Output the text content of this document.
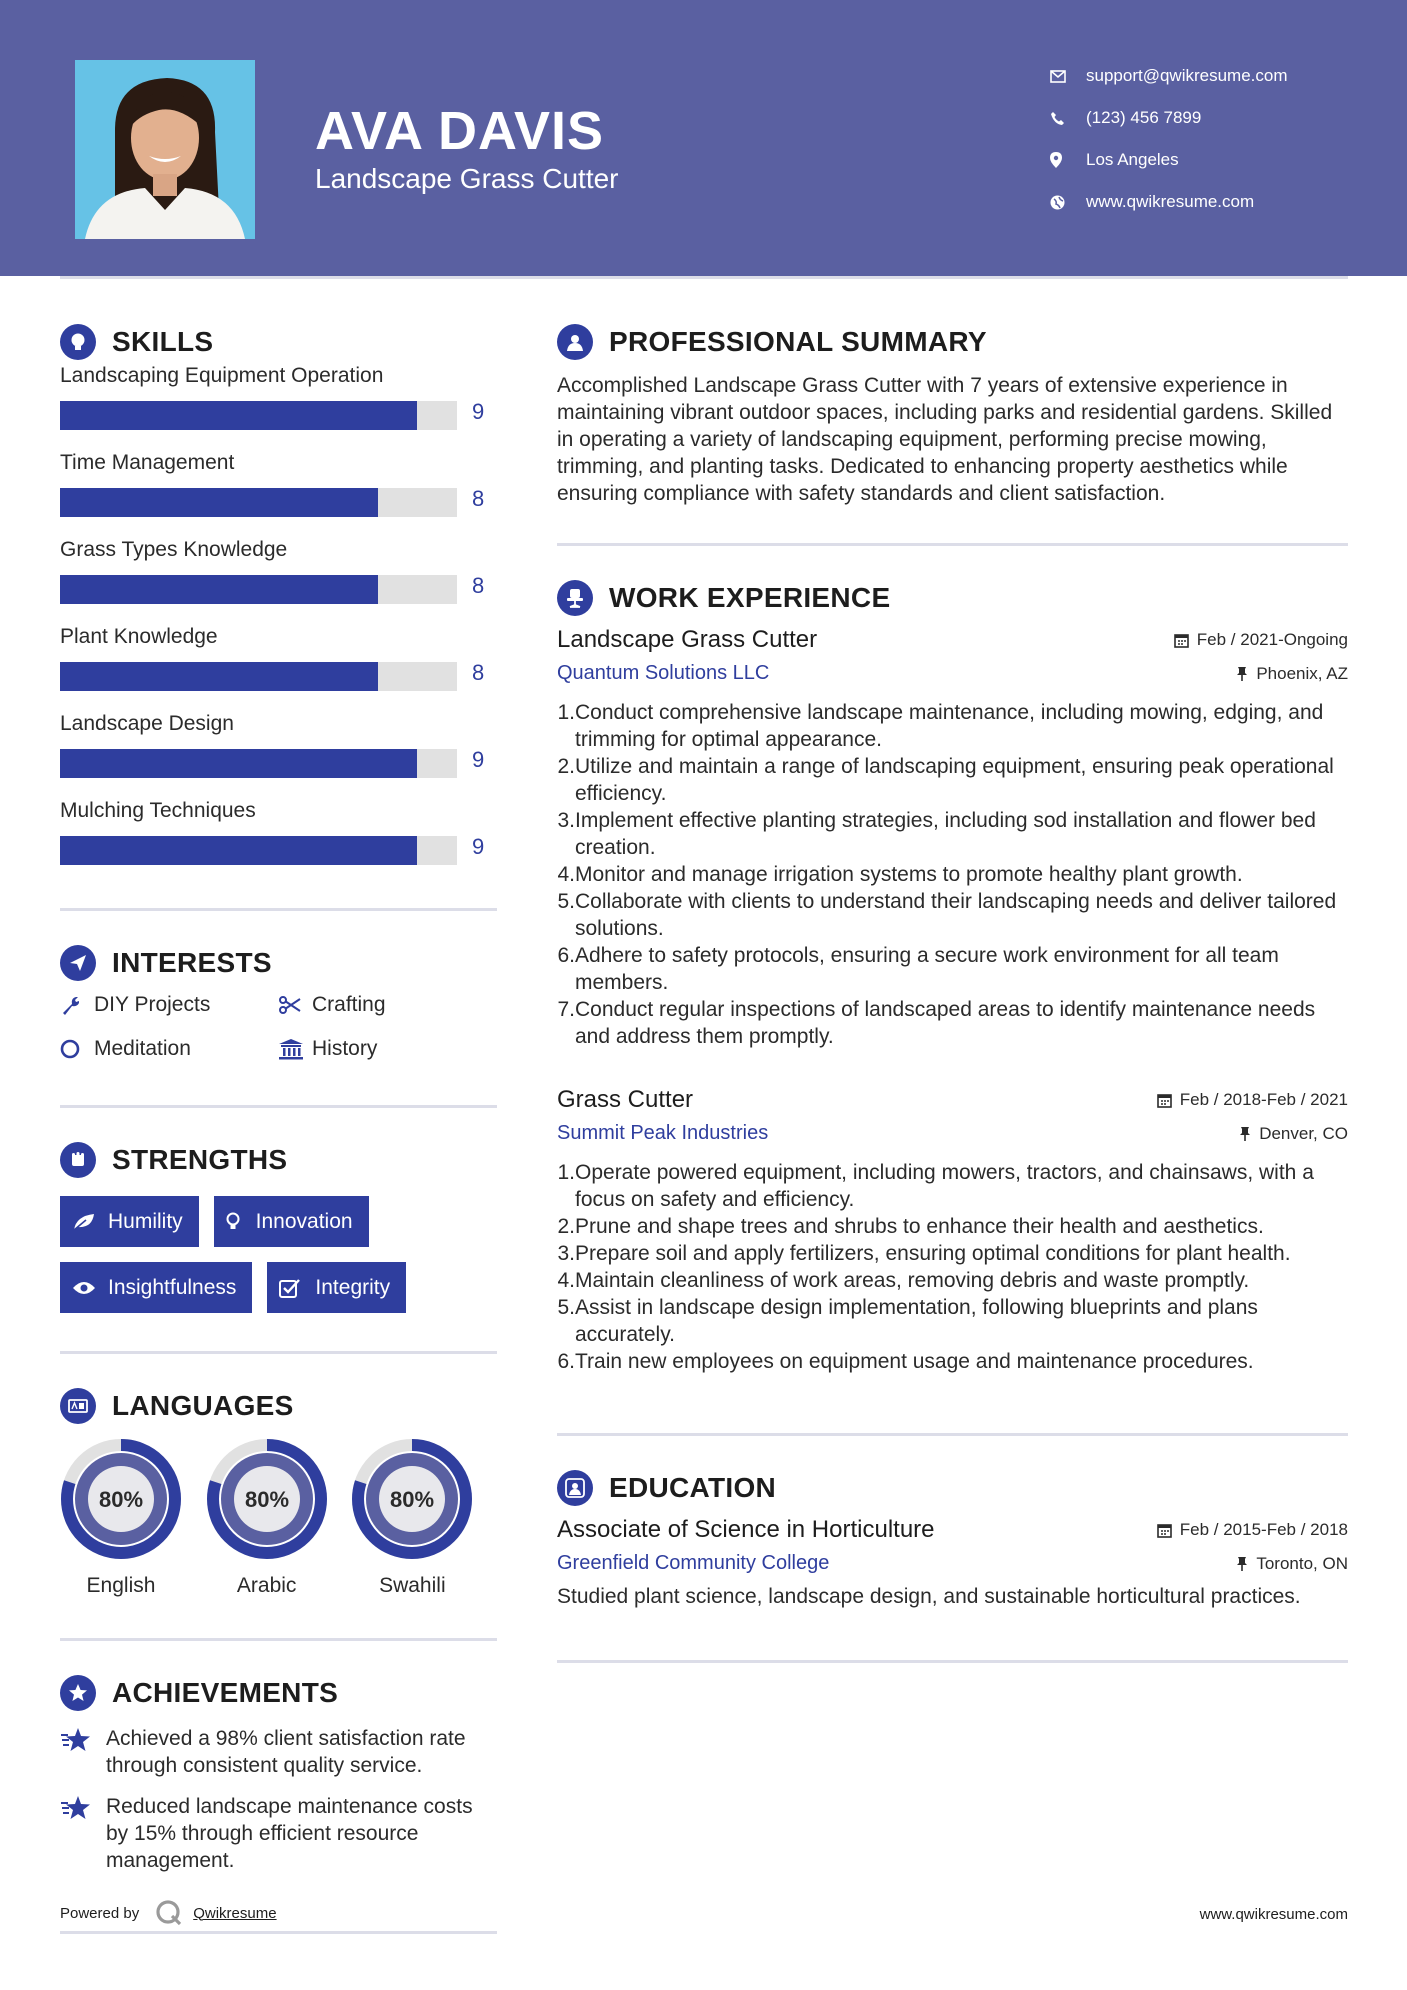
AVA DAVIS
Landscape Grass Cutter
support@qwikresume.com
(123) 456 7899
Los Angeles
www.qwikresume.com
SKILLS
Landscaping Equipment Operation
9
Time Management
8
Grass Types Knowledge
8
Plant Knowledge
8
Landscape Design
9
Mulching Techniques
9
INTERESTS
DIY Projects	Crafting
Meditation	History
STRENGTHS
Humility	Innovation
Insightfulness	Integrity
LANGUAGES
80%
English
80%
Arabic
80%
Swahili
ACHIEVEMENTS
Achieved a 98% client satisfaction rate through consistent quality service.
Reduced landscape maintenance costs by 15% through efficient resource management.
PROFESSIONAL SUMMARY

Accomplished Landscape Grass Cutter with 7 years of extensive experience in maintaining vibrant outdoor spaces, including parks and residential gardens. Skilled in operating a variety of landscaping equipment, performing precise mowing, trimming, and planting tasks. Dedicated to enhancing property aesthetics while ensuring compliance with safety standards and client satisfaction.

WORK EXPERIENCE
Landscape Grass Cutter	Feb / 2021-Ongoing
Quantum Solutions LLC	Phoenix, AZ
1. Conduct comprehensive landscape maintenance, including mowing, edging, and trimming for optimal appearance.
2. Utilize and maintain a range of landscaping equipment, ensuring peak operational efficiency.
3. Implement effective planting strategies, including sod installation and flower bed creation.
4. Monitor and manage irrigation systems to promote healthy plant growth.
5. Collaborate with clients to understand their landscaping needs and deliver tailored solutions.
6. Adhere to safety protocols, ensuring a secure work environment for all team members.
7. Conduct regular inspections of landscaped areas to identify maintenance needs and address them promptly.
Grass Cutter	Feb / 2018-Feb / 2021
Summit Peak Industries	Denver, CO
1. Operate powered equipment, including mowers, tractors, and chainsaws, with a focus on safety and efficiency.
2. Prune and shape trees and shrubs to enhance their health and aesthetics.
3. Prepare soil and apply fertilizers, ensuring optimal conditions for plant health.
4. Maintain cleanliness of work areas, removing debris and waste promptly.
5. Assist in landscape design implementation, following blueprints and plans accurately.
6. Train new employees on equipment usage and maintenance procedures.
EDUCATION
Associate of Science in Horticulture	Feb / 2015-Feb / 2018
Greenfield Community College	Toronto, ON

Studied plant science, landscape design, and sustainable horticultural practices.

Powered by	Qwikresume	www.qwikresume.com
